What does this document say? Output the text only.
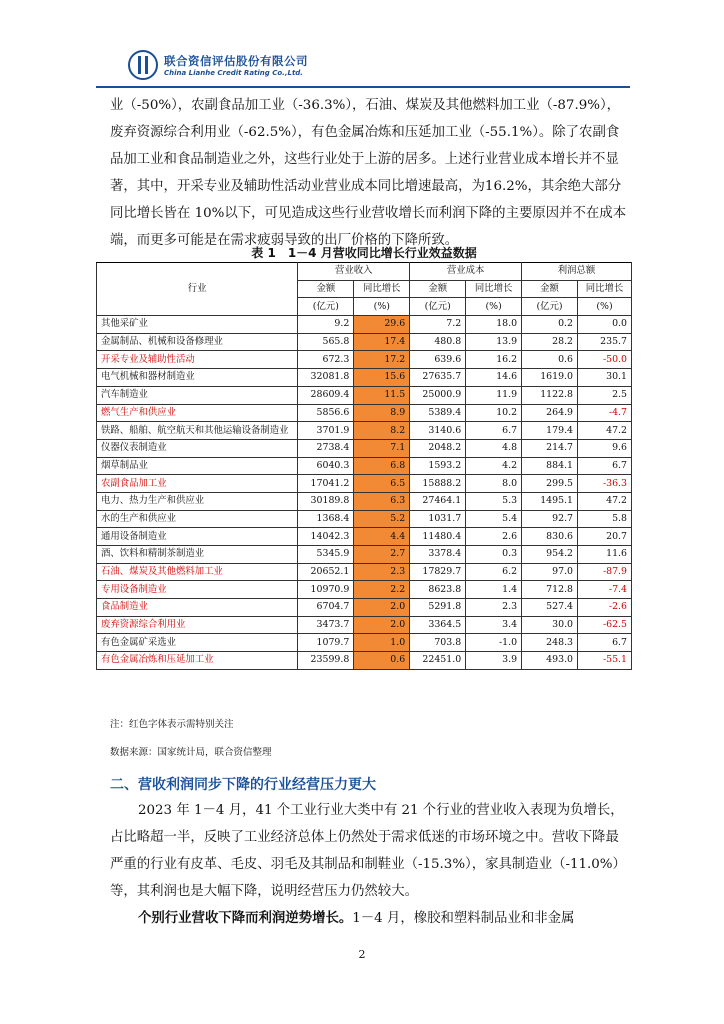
联合资信评估股份有限公司
China Lianhe Credit Rating Co.,Ltd.

业（-50%），农副食品加工业（-36.3%），石油、煤炭及其他燃料加工业（-87.9%），废弃资源综合利用业（-62.5%），有色金属冶炼和压延加工业（-55.1%）。除了农副食品加工业和食品制造业之外，这些行业处于上游的居多。上述行业营业成本增长并不显著，其中，开采专业及辅助性活动业营业成本同比增速最高，为16.2%，其余绝大部分同比增长皆在 10%以下，可见造成这些行业营收增长而利润下降的主要原因并不在成本端，而更多可能是在需求疲弱导致的出厂价格的下降所致。

表 1　1－4 月营收同比增长行业效益数据
行业	营业收入		营业成本		利润总额	
	金额	同比增长	金额	同比增长	金额	同比增长
	(亿元)	(%)	(亿元)	(%)	(亿元)	(%)
其他采矿业	9.2	29.6	7.2	18.0	0.2	0.0
金属制品、机械和设备修理业	565.8	17.4	480.8	13.9	28.2	235.7
开采专业及辅助性活动	672.3	17.2	639.6	16.2	0.6	-50.0
电气机械和器材制造业	32081.8	15.6	27635.7	14.6	1619.0	30.1
汽车制造业	28609.4	11.5	25000.9	11.9	1122.8	2.5
燃气生产和供应业	5856.6	8.9	5389.4	10.2	264.9	-4.7
铁路、船舶、航空航天和其他运输设备制造业	3701.9	8.2	3140.6	6.7	179.4	47.2
仪器仪表制造业	2738.4	7.1	2048.2	4.8	214.7	9.6
烟草制品业	6040.3	6.8	1593.2	4.2	884.1	6.7
农副食品加工业	17041.2	6.5	15888.2	8.0	299.5	-36.3
电力、热力生产和供应业	30189.8	6.3	27464.1	5.3	1495.1	47.2
水的生产和供应业	1368.4	5.2	1031.7	5.4	92.7	5.8
通用设备制造业	14042.3	4.4	11480.4	2.6	830.6	20.7
酒、饮料和精制茶制造业	5345.9	2.7	3378.4	0.3	954.2	11.6
石油、煤炭及其他燃料加工业	20652.1	2.3	17829.7	6.2	97.0	-87.9
专用设备制造业	10970.9	2.2	8623.8	1.4	712.8	-7.4
食品制造业	6704.7	2.0	5291.8	2.3	527.4	-2.6
废弃资源综合利用业	3473.7	2.0	3364.5	3.4	30.0	-62.5
有色金属矿采选业	1079.7	1.0	703.8	-1.0	248.3	6.7
有色金属冶炼和压延加工业	23599.8	0.6	22451.0	3.9	493.0	-55.1
注：红色字体表示需特别关注
数据来源：国家统计局，联合资信整理
二、营收利润同步下降的行业经营压力更大

2023 年 1－4 月，41 个工业行业大类中有 21 个行业的营业收入表现为负增长，占比略超一半，反映了工业经济总体上仍然处于需求低迷的市场环境之中。营收下降最严重的行业有皮革、毛皮、羽毛及其制品和制鞋业（-15.3%），家具制造业（-11.0%）等，其利润也是大幅下降，说明经营压力仍然较大。

个别行业营收下降而利润逆势增长。1－4 月，橡胶和塑料制品业和非金属

2
